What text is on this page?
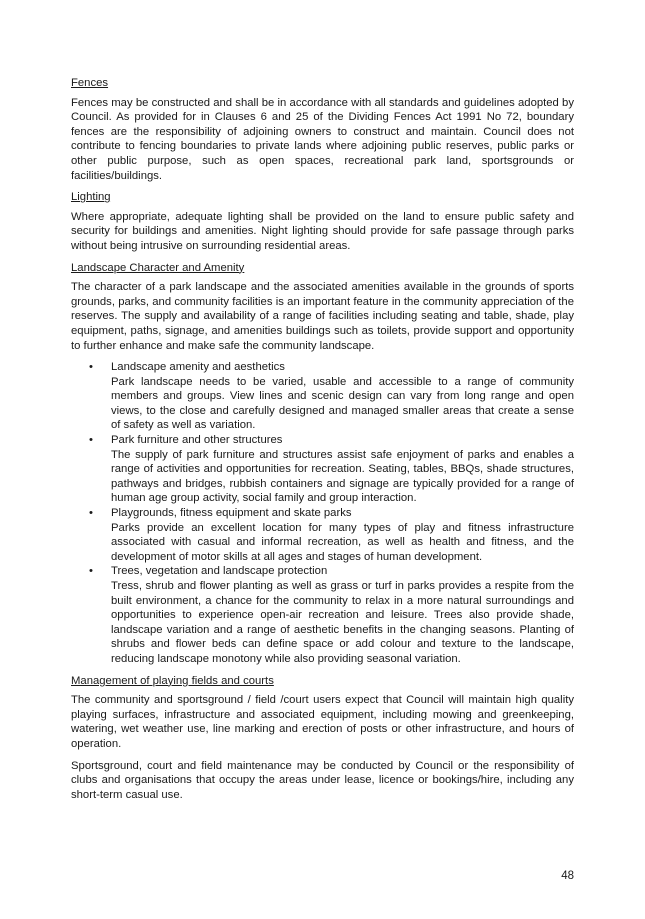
Fences

Fences may be constructed and shall be in accordance with all standards and guidelines adopted by Council. As provided for in Clauses 6 and 25 of the Dividing Fences Act 1991 No 72, boundary fences are the responsibility of adjoining owners to construct and maintain. Council does not contribute to fencing boundaries to private lands where adjoining public reserves, public parks or other public purpose, such as open spaces, recreational park land, sportsgrounds or facilities/buildings.

Lighting

Where appropriate, adequate lighting shall be provided on the land to ensure public safety and security for buildings and amenities. Night lighting should provide for safe passage through parks without being intrusive on surrounding residential areas.

Landscape Character and Amenity

The character of a park landscape and the associated amenities available in the grounds of sports grounds, parks, and community facilities is an important feature in the community appreciation of the reserves. The supply and availability of a range of facilities including seating and table, shade, play equipment, paths, signage, and amenities buildings such as toilets, provide support and opportunity to further enhance and make safe the community landscape.

• Landscape amenity and aesthetics
Park landscape needs to be varied, usable and accessible to a range of community members and groups. View lines and scenic design can vary from long range and open views, to the close and carefully designed and managed smaller areas that create a sense of safety as well as variation.
• Park furniture and other structures
The supply of park furniture and structures assist safe enjoyment of parks and enables a range of activities and opportunities for recreation. Seating, tables, BBQs, shade structures, pathways and bridges, rubbish containers and signage are typically provided for a range of human age group activity, social family and group interaction.
• Playgrounds, fitness equipment and skate parks
Parks provide an excellent location for many types of play and fitness infrastructure associated with casual and informal recreation, as well as health and fitness, and the development of motor skills at all ages and stages of human development.
• Trees, vegetation and landscape protection
Tress, shrub and flower planting as well as grass or turf in parks provides a respite from the built environment, a chance for the community to relax in a more natural surroundings and opportunities to experience open-air recreation and leisure. Trees also provide shade, landscape variation and a range of aesthetic benefits in the changing seasons. Planting of shrubs and flower beds can define space or add colour and texture to the landscape, reducing landscape monotony while also providing seasonal variation.
Management of playing fields and courts

The community and sportsground / field /court users expect that Council will maintain high quality playing surfaces, infrastructure and associated equipment, including mowing and greenkeeping, watering, wet weather use, line marking and erection of posts or other infrastructure, and hours of operation.

Sportsground, court and field maintenance may be conducted by Council or the responsibility of clubs and organisations that occupy the areas under lease, licence or bookings/hire, including any short-term casual use.

48
